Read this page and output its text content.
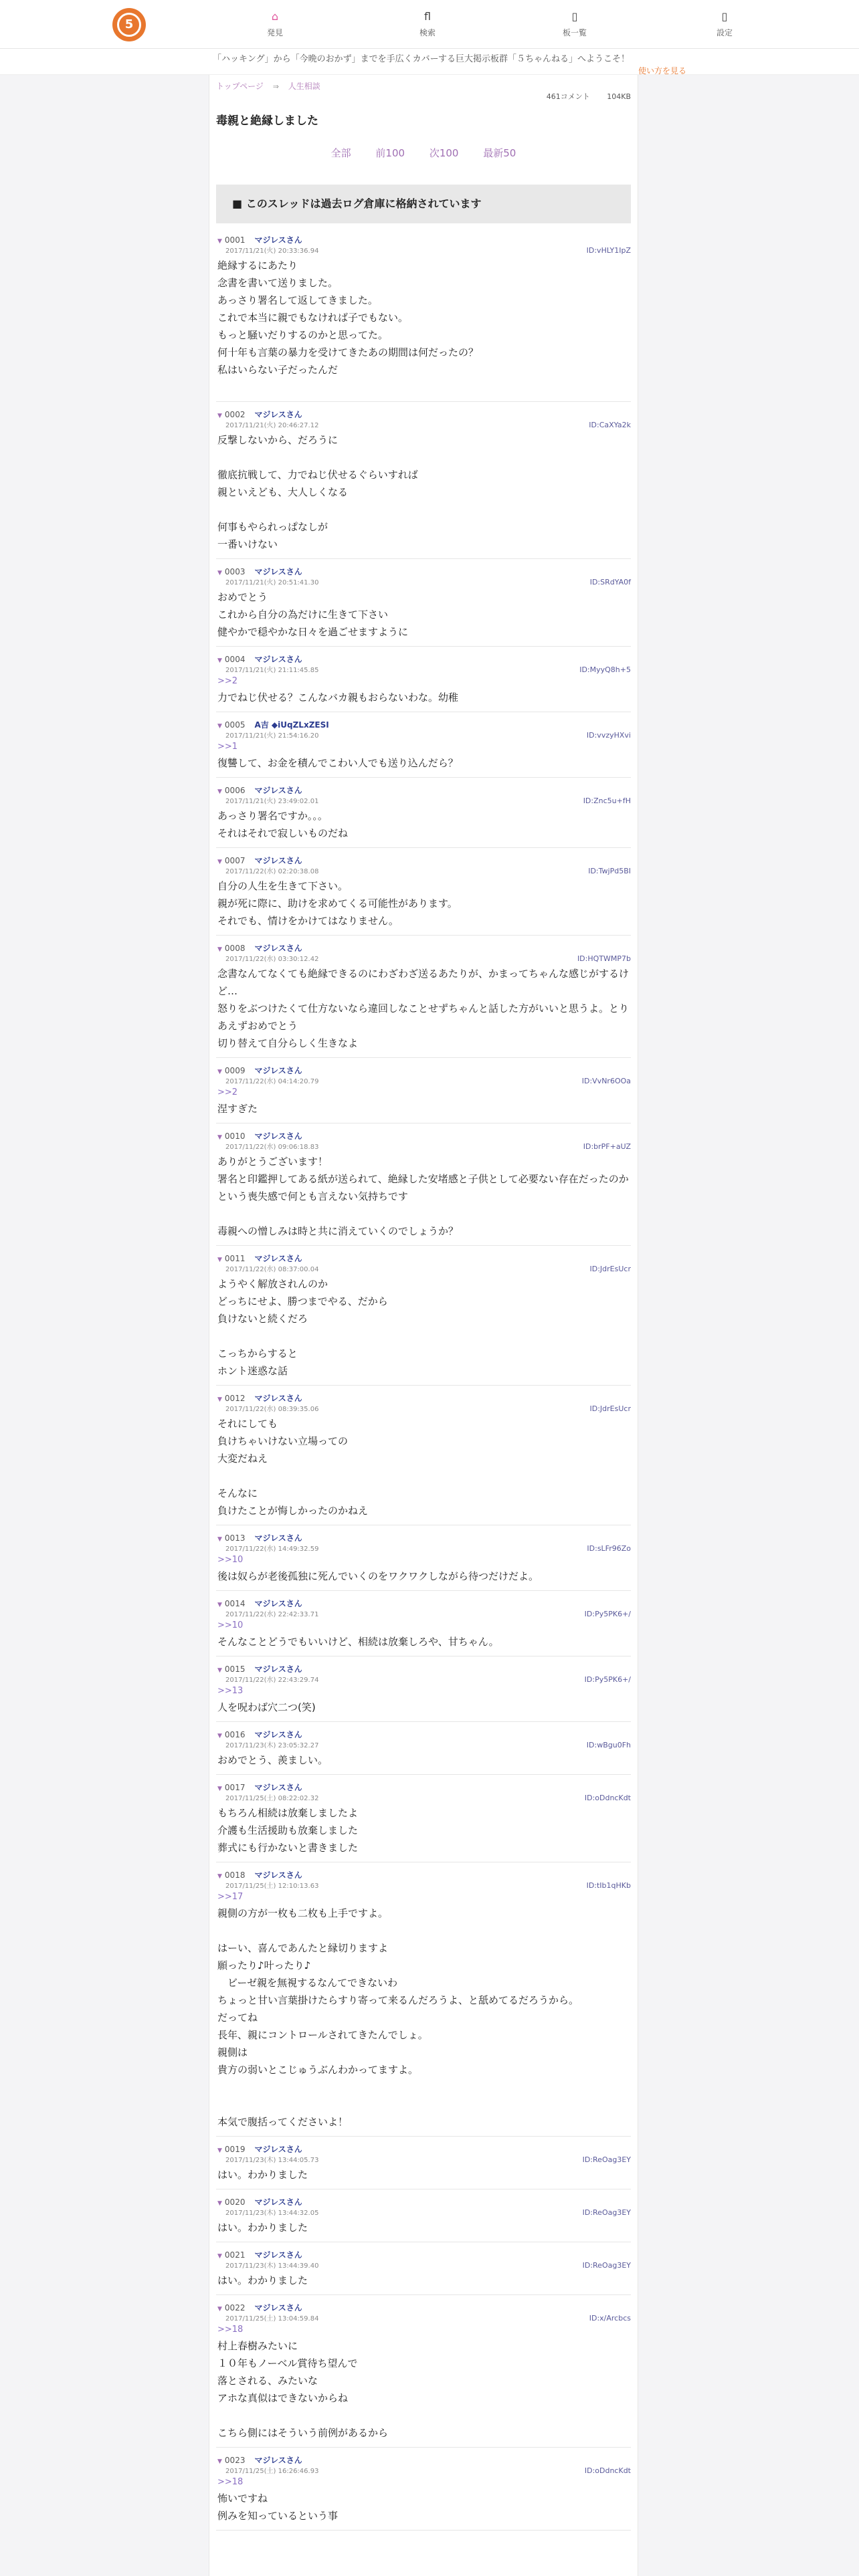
5
⌂
発見
fl
検索
▯
板一覧
▯
設定
「ハッキング」から「今晩のおかず」までを手広くカバーする巨大掲示板群「５ちゃんねる」へようこそ！
使い方を見る
トップページ ⇒ 人生相談
461コメント 104KB
毒親と絶縁しました
全部 前100 次100 最新50
■ このスレッドは過去ログ倉庫に格納されています
▼ 0001 マジレスさん
2017/11/21(火) 20:33:36.94	ID:vHLY1IpZ
絶縁するにあたり
念書を書いて送りました。
あっさり署名して返してきました。
これで本当に親でもなければ子でもない。
もっと騒いだりするのかと思ってた。
何十年も言葉の暴力を受けてきたあの期間は何だったの？
私はいらない子だったんだ
▼ 0002 マジレスさん
2017/11/21(火) 20:46:27.12	ID:CaXYa2k
反撃しないから、だろうに
徹底抗戦して、力でねじ伏せるぐらいすれば
親といえども、大人しくなる
何事もやられっぱなしが
一番いけない
▼ 0003 マジレスさん
2017/11/21(火) 20:51:41.30	ID:SRdYA0f
おめでとう
これから自分の為だけに生きて下さい
健やかで穏やかな日々を過ごせますように
▼ 0004 マジレスさん
2017/11/21(火) 21:11:45.85	ID:MyyQ8h+5
>>2
力でねじ伏せる？こんなバカ親もおらないわな。幼稚
▼ 0005 A吉 ◆iUqZLxZESI
2017/11/21(火) 21:54:16.20	ID:vvzyHXvi
>>1
復讐して、お金を積んでこわい人でも送り込んだら？
▼ 0006 マジレスさん
2017/11/21(火) 23:49:02.01	ID:Znc5u+fH
あっさり署名ですか。。。
それはそれで寂しいものだね
▼ 0007 マジレスさん
2017/11/22(水) 02:20:38.08	ID:TwjPd5BI
自分の人生を生きて下さい。
親が死に際に、助けを求めてくる可能性があります。
それでも、情けをかけてはなりません。
▼ 0008 マジレスさん
2017/11/22(水) 03:30:12.42	ID:HQTWMP7b
念書なんてなくても絶縁できるのにわざわざ送るあたりが、かまってちゃんな感じがするけど…
怒りをぶつけたくて仕方ないなら違回しなことせずちゃんと話した方がいいと思うよ。とりあえずおめでとう
切り替えて自分らしく生きなよ
▼ 0009 マジレスさん
2017/11/22(水) 04:14:20.79	ID:VvNr6OOa
>>2
涅すぎた
▼ 0010 マジレスさん
2017/11/22(水) 09:06:18.83	ID:brPF+aUZ
ありがとうございます！
署名と印鑑押してある紙が送られて、絶縁した安堵感と子供として必要ない存在だったのかという喪失感で何とも言えない気持ちです
毒親への憎しみは時と共に消えていくのでしょうか？
▼ 0011 マジレスさん
2017/11/22(水) 08:37:00.04	ID:JdrEsUcr
ようやく解放されんのか
どっちにせよ、勝つまでやる、だから
負けないと続くだろ
こっちからすると
ホント迷惑な話
▼ 0012 マジレスさん
2017/11/22(水) 08:39:35.06	ID:JdrEsUcr
それにしても
負けちゃいけない立場っての
大変だねえ
そんなに
負けたことが悔しかったのかねえ
▼ 0013 マジレスさん
2017/11/22(水) 14:49:32.59	ID:sLFr96Zo
>>10
後は奴らが老後孤独に死んでいくのをワクワクしながら待つだけだよ。
▼ 0014 マジレスさん
2017/11/22(水) 22:42:33.71	ID:Py5PK6+/
>>10
そんなことどうでもいいけど、相続は放棄しろや、甘ちゃん。
▼ 0015 マジレスさん
2017/11/22(水) 22:43:29.74	ID:Py5PK6+/
>>13
人を呪わば穴二つ(笑)
▼ 0016 マジレスさん
2017/11/23(木) 23:05:32.27	ID:wBgu0Fh
おめでとう、羨ましい。
▼ 0017 マジレスさん
2017/11/25(土) 08:22:02.32	ID:oDdncKdt
もちろん相続は放棄しましたよ
介護も生活援助も放棄しました
葬式にも行かないと書きました
▼ 0018 マジレスさん
2017/11/25(土) 12:10:13.63	ID:tIb1qHKb
>>17
親側の方が一枚も二枚も上手ですよ。
はーい、喜んであんたと縁切りますよ
願ったり♪叶ったり♪
　ビーゼ親を無視するなんてできないわ
ちょっと甘い言葉掛けたらすり寄って来るんだろうよ、と舐めてるだろうから。
だってね
長年、親にコントロールされてきたんでしょ。
親側は
貴方の弱いとこじゅうぶんわかってますよ。
本気で腹括ってくださいよ！
▼ 0019 マジレスさん
2017/11/23(木) 13:44:05.73	ID:ReOag3EY
はい。わかりました
▼ 0020 マジレスさん
2017/11/23(木) 13:44:32.05	ID:ReOag3EY
はい。わかりました
▼ 0021 マジレスさん
2017/11/23(木) 13:44:39.40	ID:ReOag3EY
はい。わかりました
▼ 0022 マジレスさん
2017/11/25(土) 13:04:59.84	ID:x/Arcbcs
>>18
村上春樹みたいに
１０年もノーベル賞待ち望んで
落とされる、みたいな
アホな真似はできないからね
こちら側にはそういう前例があるから
▼ 0023 マジレスさん
2017/11/25(土) 16:26:46.93	ID:oDdncKdt
>>18
怖いですね
例みを知っているという事
